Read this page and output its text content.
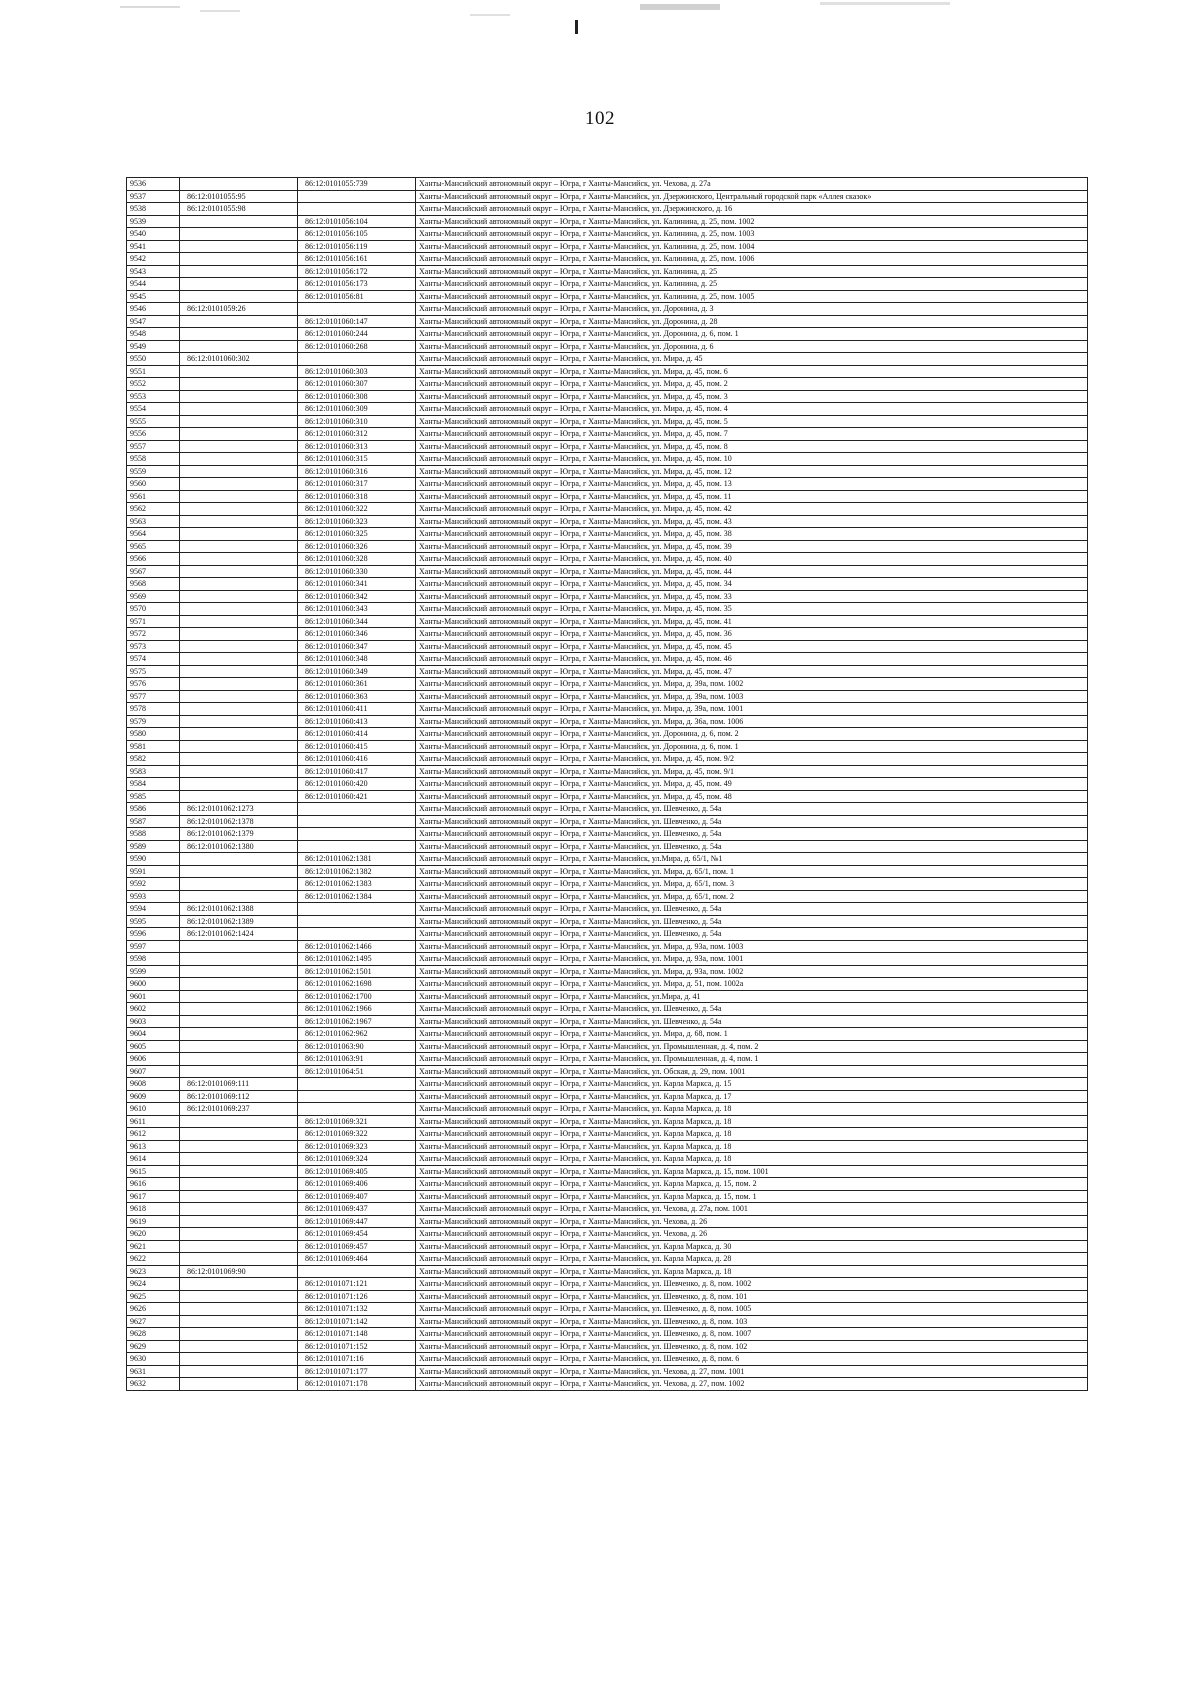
102
9536		86:12:0101055:739	Ханты-Мансийский автономный округ – Югра, г Ханты-Мансийск, ул. Чехова, д. 27а
9537	86:12:0101055:95		Ханты-Мансийский автономный округ – Югра, г Ханты-Мансийск, ул. Дзержинского, Центральный городской парк «Аллея сказок»
9538	86:12:0101055:98		Ханты-Мансийский автономный округ – Югра, г Ханты-Мансийск, ул. Дзержинского, д. 16
9539		86:12:0101056:104	Ханты-Мансийский автономный округ – Югра, г Ханты-Мансийск, ул. Калинина, д. 25, пом. 1002
9540		86:12:0101056:105	Ханты-Мансийский автономный округ – Югра, г Ханты-Мансийск, ул. Калинина, д. 25, пом. 1003
9541		86:12:0101056:119	Ханты-Мансийский автономный округ – Югра, г Ханты-Мансийск, ул. Калинина, д. 25, пом. 1004
9542		86:12:0101056:161	Ханты-Мансийский автономный округ – Югра, г Ханты-Мансийск, ул. Калинина, д. 25, пом. 1006
9543		86:12:0101056:172	Ханты-Мансийский автономный округ – Югра, г Ханты-Мансийск, ул. Калинина, д. 25
9544		86:12:0101056:173	Ханты-Мансийский автономный округ – Югра, г Ханты-Мансийск, ул. Калинина, д. 25
9545		86:12:0101056:81	Ханты-Мансийский автономный округ – Югра, г Ханты-Мансийск, ул. Калинина, д. 25, пом. 1005
9546	86:12:0101059:26		Ханты-Мансийский автономный округ – Югра, г Ханты-Мансийск, ул. Доронина, д. 3
9547		86:12:0101060:147	Ханты-Мансийский автономный округ – Югра, г Ханты-Мансийск, ул. Доронина, д. 28
9548		86:12:0101060:244	Ханты-Мансийский автономный округ – Югра, г Ханты-Мансийск, ул. Доронина, д. 6, пом. 1
9549		86:12:0101060:268	Ханты-Мансийский автономный округ – Югра, г Ханты-Мансийск, ул. Доронина, д. 6
9550	86:12:0101060:302		Ханты-Мансийский автономный округ – Югра, г Ханты-Мансийск, ул. Мира, д. 45
9551		86:12:0101060:303	Ханты-Мансийский автономный округ – Югра, г Ханты-Мансийск, ул. Мира, д. 45, пом. 6
9552		86:12:0101060:307	Ханты-Мансийский автономный округ – Югра, г Ханты-Мансийск, ул. Мира, д. 45, пом. 2
9553		86:12:0101060:308	Ханты-Мансийский автономный округ – Югра, г Ханты-Мансийск, ул. Мира, д. 45, пом. 3
9554		86:12:0101060:309	Ханты-Мансийский автономный округ – Югра, г Ханты-Мансийск, ул. Мира, д. 45, пом. 4
9555		86:12:0101060:310	Ханты-Мансийский автономный округ – Югра, г Ханты-Мансийск, ул. Мира, д. 45, пом. 5
9556		86:12:0101060:312	Ханты-Мансийский автономный округ – Югра, г Ханты-Мансийск, ул. Мира, д. 45, пом. 7
9557		86:12:0101060:313	Ханты-Мансийский автономный округ – Югра, г Ханты-Мансийск, ул. Мира, д. 45, пом. 8
9558		86:12:0101060:315	Ханты-Мансийский автономный округ – Югра, г Ханты-Мансийск, ул. Мира, д. 45, пом. 10
9559		86:12:0101060:316	Ханты-Мансийский автономный округ – Югра, г Ханты-Мансийск, ул. Мира, д. 45, пом. 12
9560		86:12:0101060:317	Ханты-Мансийский автономный округ – Югра, г Ханты-Мансийск, ул. Мира, д. 45, пом. 13
9561		86:12:0101060:318	Ханты-Мансийский автономный округ – Югра, г Ханты-Мансийск, ул. Мира, д. 45, пом. 11
9562		86:12:0101060:322	Ханты-Мансийский автономный округ – Югра, г Ханты-Мансийск, ул. Мира, д. 45, пом. 42
9563		86:12:0101060:323	Ханты-Мансийский автономный округ – Югра, г Ханты-Мансийск, ул. Мира, д. 45, пом. 43
9564		86:12:0101060:325	Ханты-Мансийский автономный округ – Югра, г Ханты-Мансийск, ул. Мира, д. 45, пом. 38
9565		86:12:0101060:326	Ханты-Мансийский автономный округ – Югра, г Ханты-Мансийск, ул. Мира, д. 45, пом. 39
9566		86:12:0101060:328	Ханты-Мансийский автономный округ – Югра, г Ханты-Мансийск, ул. Мира, д. 45, пом. 40
9567		86:12:0101060:330	Ханты-Мансийский автономный округ – Югра, г Ханты-Мансийск, ул. Мира, д. 45, пом. 44
9568		86:12:0101060:341	Ханты-Мансийский автономный округ – Югра, г Ханты-Мансийск, ул. Мира, д. 45, пом. 34
9569		86:12:0101060:342	Ханты-Мансийский автономный округ – Югра, г Ханты-Мансийск, ул. Мира, д. 45, пом. 33
9570		86:12:0101060:343	Ханты-Мансийский автономный округ – Югра, г Ханты-Мансийск, ул. Мира, д. 45, пом. 35
9571		86:12:0101060:344	Ханты-Мансийский автономный округ – Югра, г Ханты-Мансийск, ул. Мира, д. 45, пом. 41
9572		86:12:0101060:346	Ханты-Мансийский автономный округ – Югра, г Ханты-Мансийск, ул. Мира, д. 45, пом. 36
9573		86:12:0101060:347	Ханты-Мансийский автономный округ – Югра, г Ханты-Мансийск, ул. Мира, д. 45, пом. 45
9574		86:12:0101060:348	Ханты-Мансийский автономный округ – Югра, г Ханты-Мансийск, ул. Мира, д. 45, пом. 46
9575		86:12:0101060:349	Ханты-Мансийский автономный округ – Югра, г Ханты-Мансийск, ул. Мира, д. 45, пом. 47
9576		86:12:0101060:361	Ханты-Мансийский автономный округ – Югра, г Ханты-Мансийск, ул. Мира, д. 39а, пом. 1002
9577		86:12:0101060:363	Ханты-Мансийский автономный округ – Югра, г Ханты-Мансийск, ул. Мира, д. 39а, пом. 1003
9578		86:12:0101060:411	Ханты-Мансийский автономный округ – Югра, г Ханты-Мансийск, ул. Мира, д. 39а, пом. 1001
9579		86:12:0101060:413	Ханты-Мансийский автономный округ – Югра, г Ханты-Мансийск, ул. Мира, д. 36а, пом. 1006
9580		86:12:0101060:414	Ханты-Мансийский автономный округ – Югра, г Ханты-Мансийск, ул. Доронина, д. 6, пом. 2
9581		86:12:0101060:415	Ханты-Мансийский автономный округ – Югра, г Ханты-Мансийск, ул. Доронина, д. 6, пом. 1
9582		86:12:0101060:416	Ханты-Мансийский автономный округ – Югра, г Ханты-Мансийск, ул. Мира, д. 45, пом. 9/2
9583		86:12:0101060:417	Ханты-Мансийский автономный округ – Югра, г Ханты-Мансийск, ул. Мира, д. 45, пом. 9/1
9584		86:12:0101060:420	Ханты-Мансийский автономный округ – Югра, г Ханты-Мансийск, ул. Мира, д. 45, пом. 49
9585		86:12:0101060:421	Ханты-Мансийский автономный округ – Югра, г Ханты-Мансийск, ул. Мира, д. 45, пом. 48
9586	86:12:0101062:1273		Ханты-Мансийский автономный округ – Югра, г Ханты-Мансийск, ул. Шевченко, д. 54а
9587	86:12:0101062:1378		Ханты-Мансийский автономный округ – Югра, г Ханты-Мансийск, ул. Шевченко, д. 54а
9588	86:12:0101062:1379		Ханты-Мансийский автономный округ – Югра, г Ханты-Мансийск, ул. Шевченко, д. 54а
9589	86:12:0101062:1380		Ханты-Мансийский автономный округ – Югра, г Ханты-Мансийск, ул. Шевченко, д. 54а
9590		86:12:0101062:1381	Ханты-Мансийский автономный округ – Югра, г Ханты-Мансийск, ул.Мира, д. 65/1, №1
9591		86:12:0101062:1382	Ханты-Мансийский автономный округ – Югра, г Ханты-Мансийск, ул. Мира, д. 65/1, пом. 1
9592		86:12:0101062:1383	Ханты-Мансийский автономный округ – Югра, г Ханты-Мансийск, ул. Мира, д. 65/1, пом. 3
9593		86:12:0101062:1384	Ханты-Мансийский автономный округ – Югра, г Ханты-Мансийск, ул. Мира, д. 65/1, пом. 2
9594	86:12:0101062:1388		Ханты-Мансийский автономный округ – Югра, г Ханты-Мансийск, ул. Шевченко, д. 54а
9595	86:12:0101062:1389		Ханты-Мансийский автономный округ – Югра, г Ханты-Мансийск, ул. Шевченко, д. 54а
9596	86:12:0101062:1424		Ханты-Мансийский автономный округ – Югра, г Ханты-Мансийск, ул. Шевченко, д. 54а
9597		86:12:0101062:1466	Ханты-Мансийский автономный округ – Югра, г Ханты-Мансийск, ул. Мира, д. 93а, пом. 1003
9598		86:12:0101062:1495	Ханты-Мансийский автономный округ – Югра, г Ханты-Мансийск, ул. Мира, д. 93а, пом. 1001
9599		86:12:0101062:1501	Ханты-Мансийский автономный округ – Югра, г Ханты-Мансийск, ул. Мира, д. 93а, пом. 1002
9600		86:12:0101062:1698	Ханты-Мансийский автономный округ – Югра, г Ханты-Мансийск, ул. Мира, д. 51, пом. 1002а
9601		86:12:0101062:1700	Ханты-Мансийский автономный округ – Югра, г Ханты-Мансийск, ул.Мира, д. 41
9602		86:12:0101062:1966	Ханты-Мансийский автономный округ – Югра, г Ханты-Мансийск, ул. Шевченко, д. 54а
9603		86:12:0101062:1967	Ханты-Мансийский автономный округ – Югра, г Ханты-Мансийск, ул. Шевченко, д. 54а
9604		86:12:0101062:962	Ханты-Мансийский автономный округ – Югра, г Ханты-Мансийск, ул. Мира, д. 68, пом. 1
9605		86:12:0101063:90	Ханты-Мансийский автономный округ – Югра, г Ханты-Мансийск, ул. Промышленная, д. 4, пом. 2
9606		86:12:0101063:91	Ханты-Мансийский автономный округ – Югра, г Ханты-Мансийск, ул. Промышленная, д. 4, пом. 1
9607		86:12:0101064:51	Ханты-Мансийский автономный округ – Югра, г Ханты-Мансийск, ул. Обская, д. 29, пом. 1001
9608	86:12:0101069:111		Ханты-Мансийский автономный округ – Югра, г Ханты-Мансийск, ул. Карла Маркса, д. 15
9609	86:12:0101069:112		Ханты-Мансийский автономный округ – Югра, г Ханты-Мансийск, ул. Карла Маркса, д. 17
9610	86:12:0101069:237		Ханты-Мансийский автономный округ – Югра, г Ханты-Мансийск, ул. Карла Маркса, д. 18
9611		86:12:0101069:321	Ханты-Мансийский автономный округ – Югра, г Ханты-Мансийск, ул. Карла Маркса, д. 18
9612		86:12:0101069:322	Ханты-Мансийский автономный округ – Югра, г Ханты-Мансийск, ул. Карла Маркса, д. 18
9613		86:12:0101069:323	Ханты-Мансийский автономный округ – Югра, г Ханты-Мансийск, ул. Карла Маркса, д. 18
9614		86:12:0101069:324	Ханты-Мансийский автономный округ – Югра, г Ханты-Мансийск, ул. Карла Маркса, д. 18
9615		86:12:0101069:405	Ханты-Мансийский автономный округ – Югра, г Ханты-Мансийск, ул. Карла Маркса, д. 15, пом. 1001
9616		86:12:0101069:406	Ханты-Мансийский автономный округ – Югра, г Ханты-Мансийск, ул. Карла Маркса, д. 15, пом. 2
9617		86:12:0101069:407	Ханты-Мансийский автономный округ – Югра, г Ханты-Мансийск, ул. Карла Маркса, д. 15, пом. 1
9618		86:12:0101069:437	Ханты-Мансийский автономный округ – Югра, г Ханты-Мансийск, ул. Чехова, д. 27а, пом. 1001
9619		86:12:0101069:447	Ханты-Мансийский автономный округ – Югра, г Ханты-Мансийск, ул. Чехова, д. 26
9620		86:12:0101069:454	Ханты-Мансийский автономный округ – Югра, г Ханты-Мансийск, ул. Чехова, д. 26
9621		86:12:0101069:457	Ханты-Мансийский автономный округ – Югра, г Ханты-Мансийск, ул. Карла Маркса, д. 30
9622		86:12:0101069:464	Ханты-Мансийский автономный округ – Югра, г Ханты-Мансийск, ул. Карла Маркса, д. 28
9623	86:12:0101069:90		Ханты-Мансийский автономный округ – Югра, г Ханты-Мансийск, ул. Карла Маркса, д. 18
9624		86:12:0101071:121	Ханты-Мансийский автономный округ – Югра, г Ханты-Мансийск, ул. Шевченко, д. 8, пом. 1002
9625		86:12:0101071:126	Ханты-Мансийский автономный округ – Югра, г Ханты-Мансийск, ул. Шевченко, д. 8, пом. 101
9626		86:12:0101071:132	Ханты-Мансийский автономный округ – Югра, г Ханты-Мансийск, ул. Шевченко, д. 8, пом. 1005
9627		86:12:0101071:142	Ханты-Мансийский автономный округ – Югра, г Ханты-Мансийск, ул. Шевченко, д. 8, пом. 103
9628		86:12:0101071:148	Ханты-Мансийский автономный округ – Югра, г Ханты-Мансийск, ул. Шевченко, д. 8, пом. 1007
9629		86:12:0101071:152	Ханты-Мансийский автономный округ – Югра, г Ханты-Мансийск, ул. Шевченко, д. 8, пом. 102
9630		86:12:0101071:16	Ханты-Мансийский автономный округ – Югра, г Ханты-Мансийск, ул. Шевченко, д. 8, пом. 6
9631		86:12:0101071:177	Ханты-Мансийский автономный округ – Югра, г Ханты-Мансийск, ул. Чехова, д. 27, пом. 1001
9632		86:12:0101071:178	Ханты-Мансийский автономный округ – Югра, г Ханты-Мансийск, ул. Чехова, д. 27, пом. 1002
